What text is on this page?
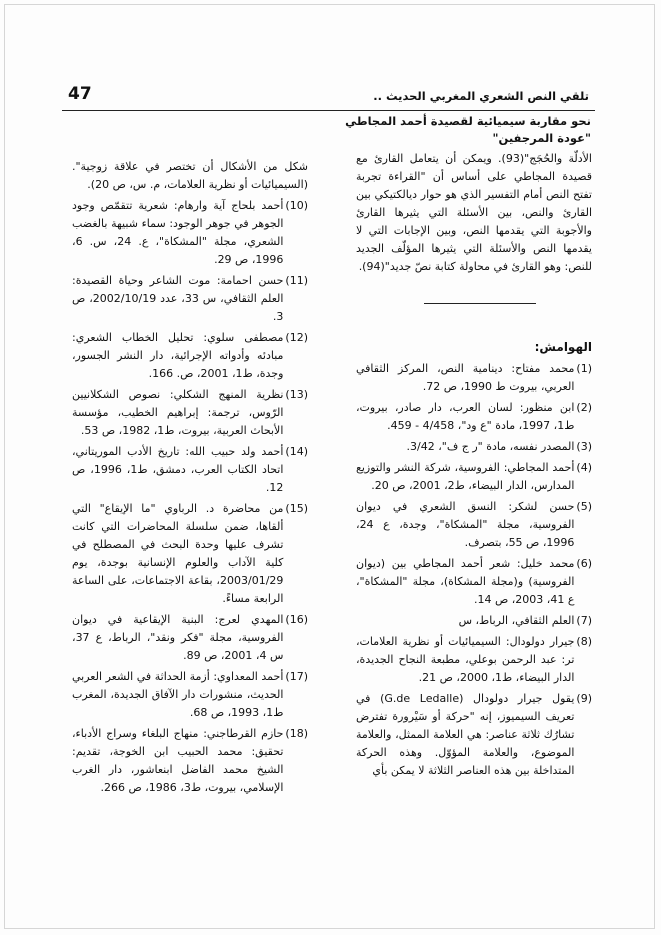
47	تلقي النص الشعري المغربي الحديث ..
نحو مقاربة سيميائية لقصيدة أحمد المجاطي
"عودة المرجفين"

الأدلّة والحُجَج"(93). ويمكن أن يتعامل القارئ مع قصيدة المجاطي على أساس أن "القراءة تجربة تفتح النص أمام التفسير الذي هو حوار ديالكتيكي بين القارئ والنص، بين الأسئلة التي يثيرها القارئ والأجوبة التي يقدمها النص، وبين الإجابات التي لا يقدمها النص والأسئلة التي يثيرها المؤلّف الجديد للنص: وهو القارئ في محاولة كتابة نصّ جديد"(94).

الهوامش:
(1)
محمد مفتاح: دينامية النص، المركز الثقافي العربي، بيروت ط 1990، ص 72.
(2)
ابن منظور: لسان العرب، دار صادر، بيروت، ط1، 1997، مادة "ع ود"، 4/458 - 459.
(3)
المصدر نفسه، مادة "ر ج ف"، 3/42.
(4)
أحمد المجاطي: الفروسية، شركة النشر والتوزيع المدارس، الدار البيضاء، ط2، 2001، ص 20.
(5)
حسن لشكر: النسق الشعري في ديوان الفروسية، مجلة "المشكاة"، وجدة، ع 24، 1996، ص 55، بتصرف.
(6)
محمد خليل: شعر أحمد المجاطي بين (ديوان الفروسية) و(مجلة المشكاة)، مجلة "المشكاة"، ع 41، 2003، ص 14.
(7)
العلم الثقافي، الرباط، س
(8)
جيرار دولودال: السيميائيات أو نظرية العلامات، تر: عبد الرحمن بوعلي، مطبعة النجاح الجديدة، الدار البيضاء، ط1، 2000، ص 21.
(9)
يقول جيرار دولودال (G.de Ledalle) في تعريف السيميوز، إنه "حركة أو سَيْرورة تفترض تشارُك ثلاثة عناصر: هي العلامة الممثل، والعلامة الموضوع، والعلامة المؤوّل. وهذه الحركة المتداخلة بين هذه العناصر الثلاثة لا يمكن بأي
شكل من الأشكال أن تختصر في علاقة زوجية". (السيميائيات أو نظرية العلامات، م. س، ص 20).
(10)
أحمد بلحاج آية وارهام: شعرية تتقمّص وجود الجوهر في جوهر الوجود: سماء شبيهة بالغضب الشعري، مجلة "المشكاة"، ع. 24، س. 6، 1996، ص 29.
(11)
حسن احمامة: موت الشاعر وحياة القصيدة: العلم الثقافي، س 33، عدد 2002/10/19، ص 3.
(12)
مصطفى سلوي: تحليل الخطاب الشعري: مبادئه وأدواته الإجرائية، دار النشر الجسور، وجدة، ط1، 2001، ص. 166.
(13)
نظرية المنهج الشكلي: نصوص الشكلانيين الرّوس، ترجمة: إبراهيم الخطيب، مؤسسة الأبحاث العربية، بيروت، ط1، 1982، ص 53.
(14)
أحمد ولد حبيب الله: تاريخ الأدب الموريتاني، اتحاد الكتاب العرب، دمشق، ط1، 1996، ص 12.
(15)
من محاضرة د. الرباوي "ما الإيقاع" التي ألقاها، ضمن سلسلة المحاضرات التي كانت تشرف عليها وحدة البحث في المصطلح في كلية الآداب والعلوم الإنسانية بوجدة، يوم 2003/01/29، بقاعة الاجتماعات، على الساعة الرابعة مساءً.
(16)
المهدي لعرج: البنية الإيقاعية في ديوان الفروسية، مجلة "فكر ونقد"، الرباط، ع 37، س 4، 2001، ص 89.
(17)
أحمد المعداوي: أزمة الحداثة في الشعر العربي الحديث، منشورات دار الآفاق الجديدة، المغرب ط1، 1993، ص 68.
(18)
حازم القرطاجني: منهاج البلغاء وسراج الأدباء، تحقيق: محمد الحبيب ابن الخوجة، تقديم: الشيخ محمد الفاضل ابنعاشور، دار الغرب الإسلامي، بيروت، ط3، 1986، ص 266.
